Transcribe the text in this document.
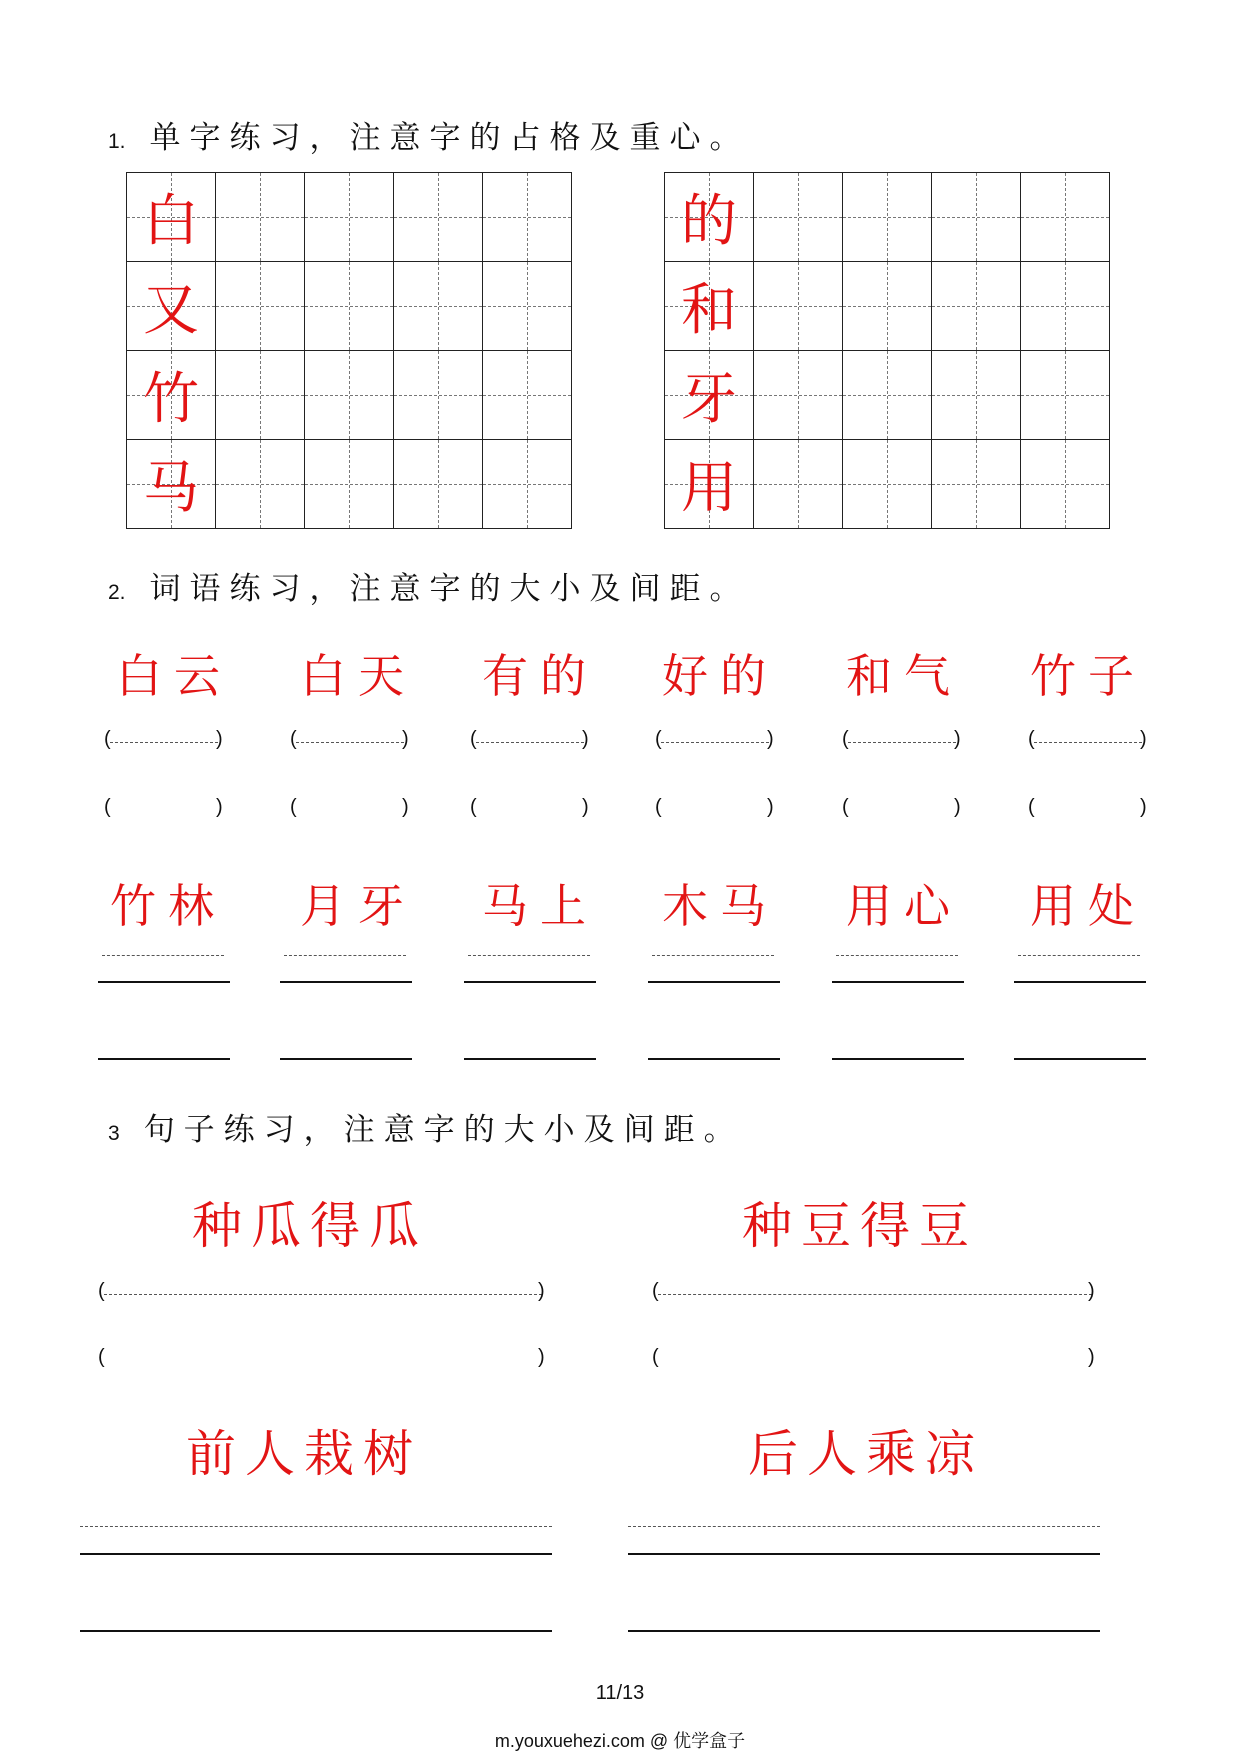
1. 单字练习，注意字的占格及重心。
2. 词语练习，注意字的大小及间距。
3 句子练习，注意字的大小及间距。
白				

又				

竹				

马				

的				

和				

牙				

用				

白云 白天 有的 好的 和气 竹子
(	)	(	)	(	)	(	)	(	)	(	)
(	)	(	)	(	)	(	)	(	)	(	)
竹林 月牙 马上 木马 用心 用处
种瓜得瓜	种豆得豆
(	)	(	)
(	)	(	)
前人栽树	后人乘凉
11/13
m.youxuehezi.com @ 优学盒子
